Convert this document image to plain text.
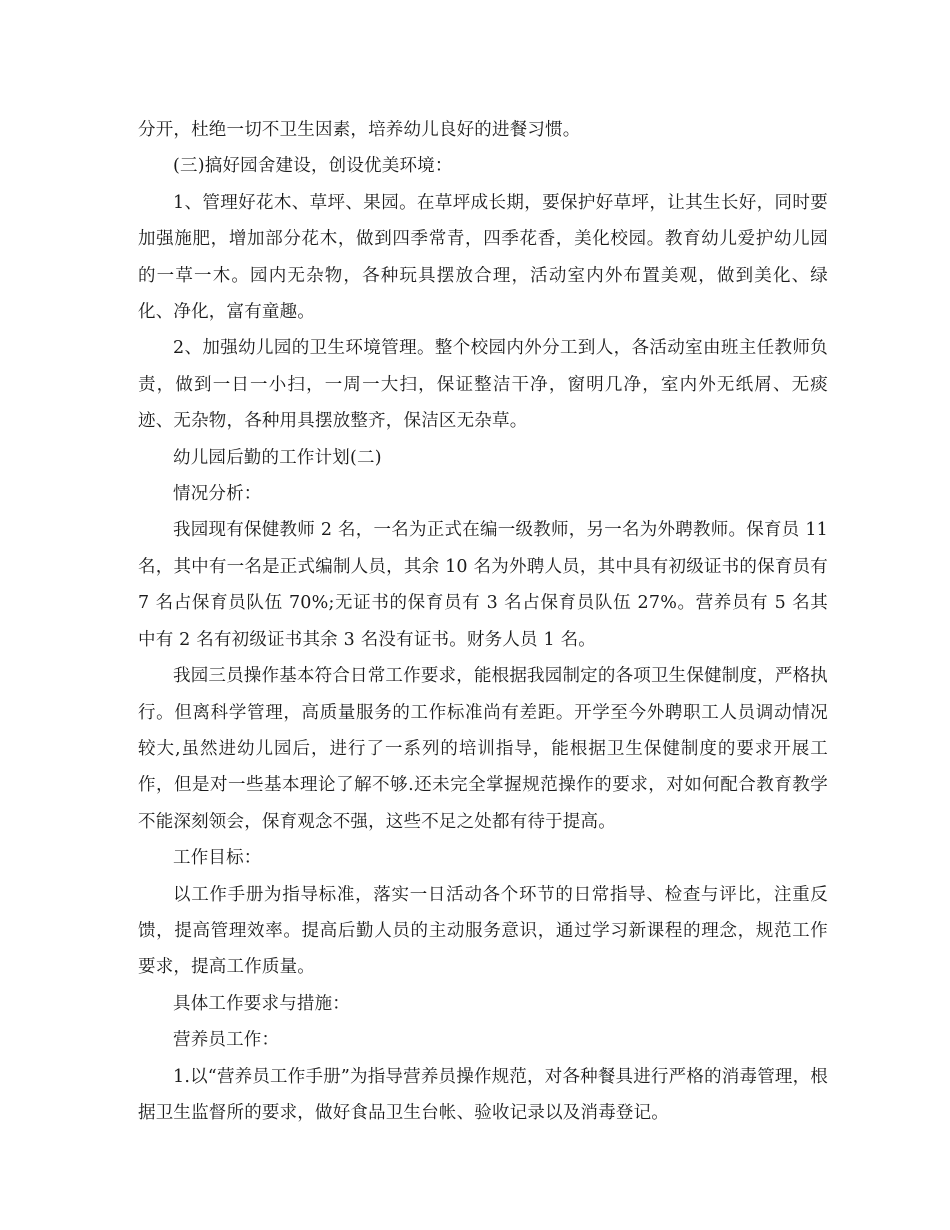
分开，杜绝一切不卫生因素，培养幼儿良好的进餐习惯。

(三)搞好园舍建设，创设优美环境：

1、管理好花木、草坪、果园。在草坪成长期，要保护好草坪，让其生长好，同时要加强施肥，增加部分花木，做到四季常青，四季花香，美化校园。教育幼儿爱护幼儿园的一草一木。园内无杂物，各种玩具摆放合理，活动室内外布置美观，做到美化、绿化、净化，富有童趣。

2、加强幼儿园的卫生环境管理。整个校园内外分工到人，各活动室由班主任教师负责，做到一日一小扫，一周一大扫，保证整洁干净，窗明几净，室内外无纸屑、无痰迹、无杂物，各种用具摆放整齐，保洁区无杂草。

幼儿园后勤的工作计划(二)

情况分析：

我园现有保健教师 2 名，一名为正式在编一级教师，另一名为外聘教师。保育员 11 名，其中有一名是正式编制人员，其余 10 名为外聘人员，其中具有初级证书的保育员有 7 名占保育员队伍 70%;无证书的保育员有 3 名占保育员队伍 27%。营养员有 5 名其中有 2 名有初级证书其余 3 名没有证书。财务人员 1 名。

我园三员操作基本符合日常工作要求，能根据我园制定的各项卫生保健制度，严格执行。但离科学管理，高质量服务的工作标准尚有差距。开学至今外聘职工人员调动情况较大,虽然进幼儿园后，进行了一系列的培训指导，能根据卫生保健制度的要求开展工作，但是对一些基本理论了解不够.还未完全掌握规范操作的要求，对如何配合教育教学不能深刻领会，保育观念不强，这些不足之处都有待于提高。

工作目标：

以工作手册为指导标准，落实一日活动各个环节的日常指导、检查与评比，注重反馈，提高管理效率。提高后勤人员的主动服务意识，通过学习新课程的理念，规范工作要求，提高工作质量。

具体工作要求与措施：

营养员工作：

1.以“营养员工作手册”为指导营养员操作规范，对各种餐具进行严格的消毒管理，根据卫生监督所的要求，做好食品卫生台帐、验收记录以及消毒登记。
